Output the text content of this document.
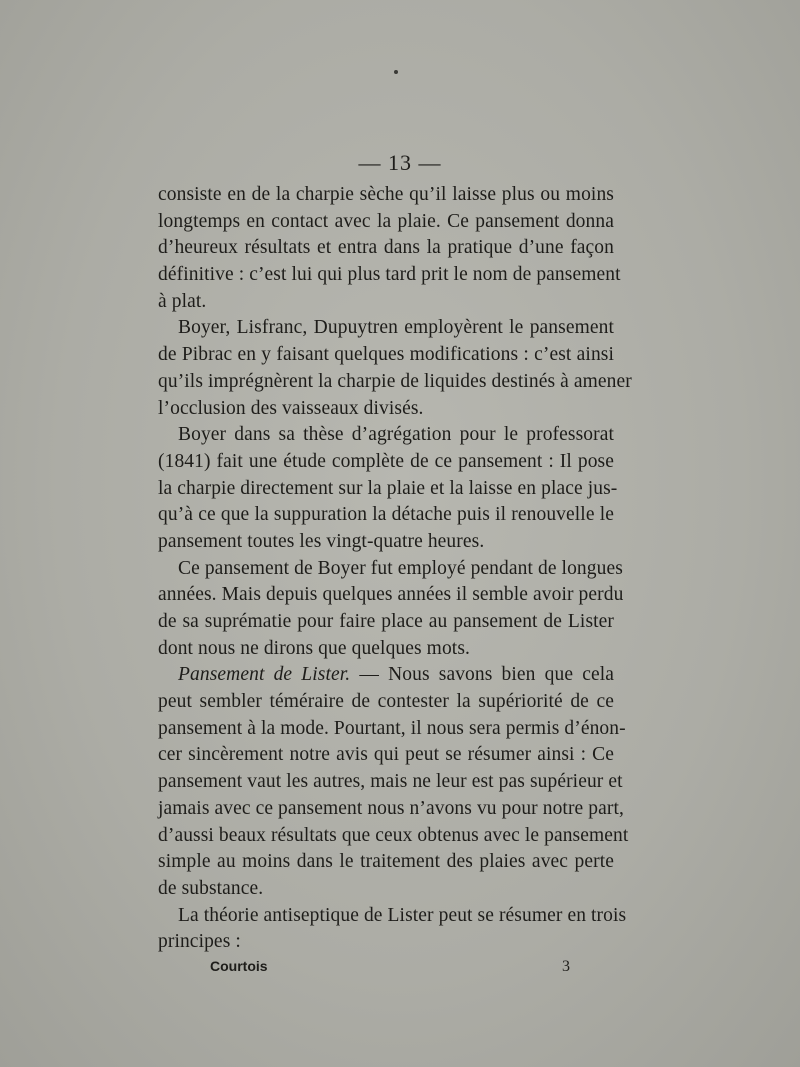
— 13 —
consiste en de la charpie sèche qu’il laisse plus ou moins
longtemps en contact avec la plaie. Ce pansement donna
d’heureux résultats et entra dans la pratique d’une façon
définitive : c’est lui qui plus tard prit le nom de pansement
à plat.
Boyer, Lisfranc, Dupuytren employèrent le pansement
de Pibrac en y faisant quelques modifications : c’est ainsi
qu’ils imprégnèrent la charpie de liquides destinés à amener
l’occlusion des vaisseaux divisés.
Boyer dans sa thèse d’agrégation pour le professorat
(1841) fait une étude complète de ce pansement : Il pose
la charpie directement sur la plaie et la laisse en place jus-
qu’à ce que la suppuration la détache puis il renouvelle le
pansement toutes les vingt-quatre heures.
Ce pansement de Boyer fut employé pendant de longues
années. Mais depuis quelques années il semble avoir perdu
de sa suprématie pour faire place au pansement de Lister
dont nous ne dirons que quelques mots.
Pansement de Lister. — Nous savons bien que cela
peut sembler téméraire de contester la supériorité de ce
pansement à la mode. Pourtant, il nous sera permis d’énon-
cer sincèrement notre avis qui peut se résumer ainsi : Ce
pansement vaut les autres, mais ne leur est pas supérieur et
jamais avec ce pansement nous n’avons vu pour notre part,
d’aussi beaux résultats que ceux obtenus avec le pansement
simple au moins dans le traitement des plaies avec perte
de substance.
La théorie antiseptique de Lister peut se résumer en trois
principes :
Courtois	3
